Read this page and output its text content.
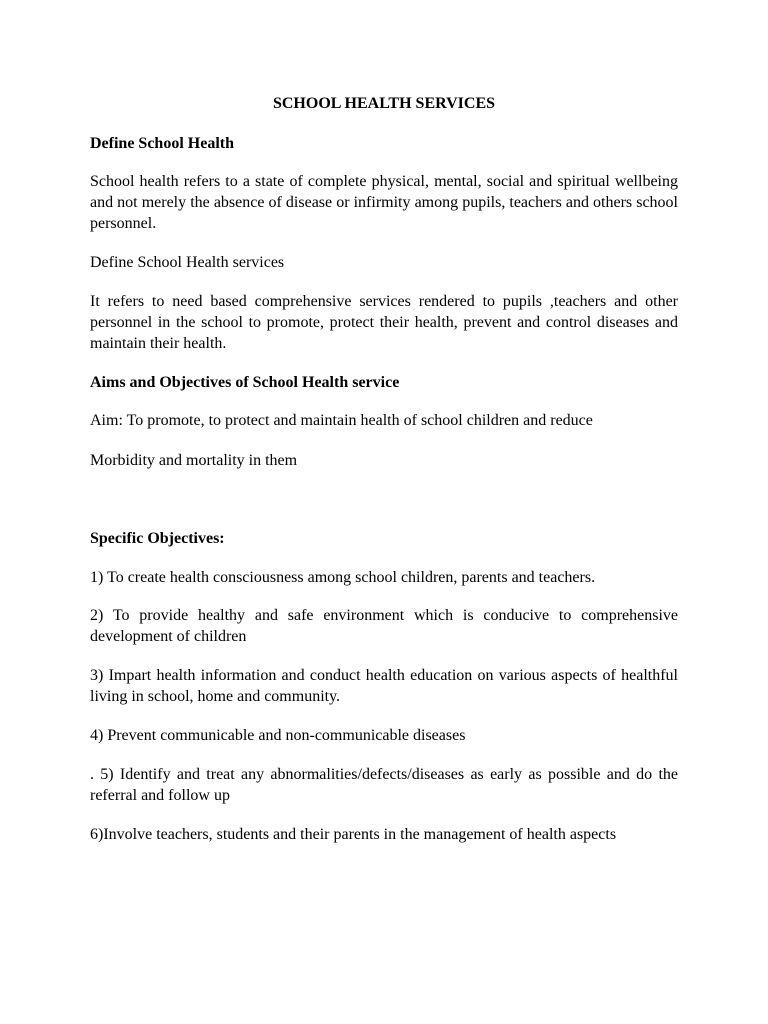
SCHOOL HEALTH SERVICES

Define School Health

School health refers to a state of complete physical, mental, social and spiritual wellbeing and not merely the absence of disease or infirmity among pupils, teachers and others school personnel.

Define School Health services

It refers to need based comprehensive services rendered to pupils ,teachers and other personnel in the school to promote, protect their health, prevent and control diseases and maintain their health.

Aims and Objectives of School Health service

Aim: To promote, to protect and maintain health of school children and reduce

Morbidity and mortality in them

Specific Objectives:

1) To create health consciousness among school children, parents and teachers.

2) To provide healthy and safe environment which is conducive to comprehensive development of children

3) Impart health information and conduct health education on various aspects of healthful living in school, home and community.

4) Prevent communicable and non-communicable diseases

. 5) Identify and treat any abnormalities/defects/diseases as early as possible and do the referral and follow up

6)Involve teachers, students and their parents in the management of health aspects
